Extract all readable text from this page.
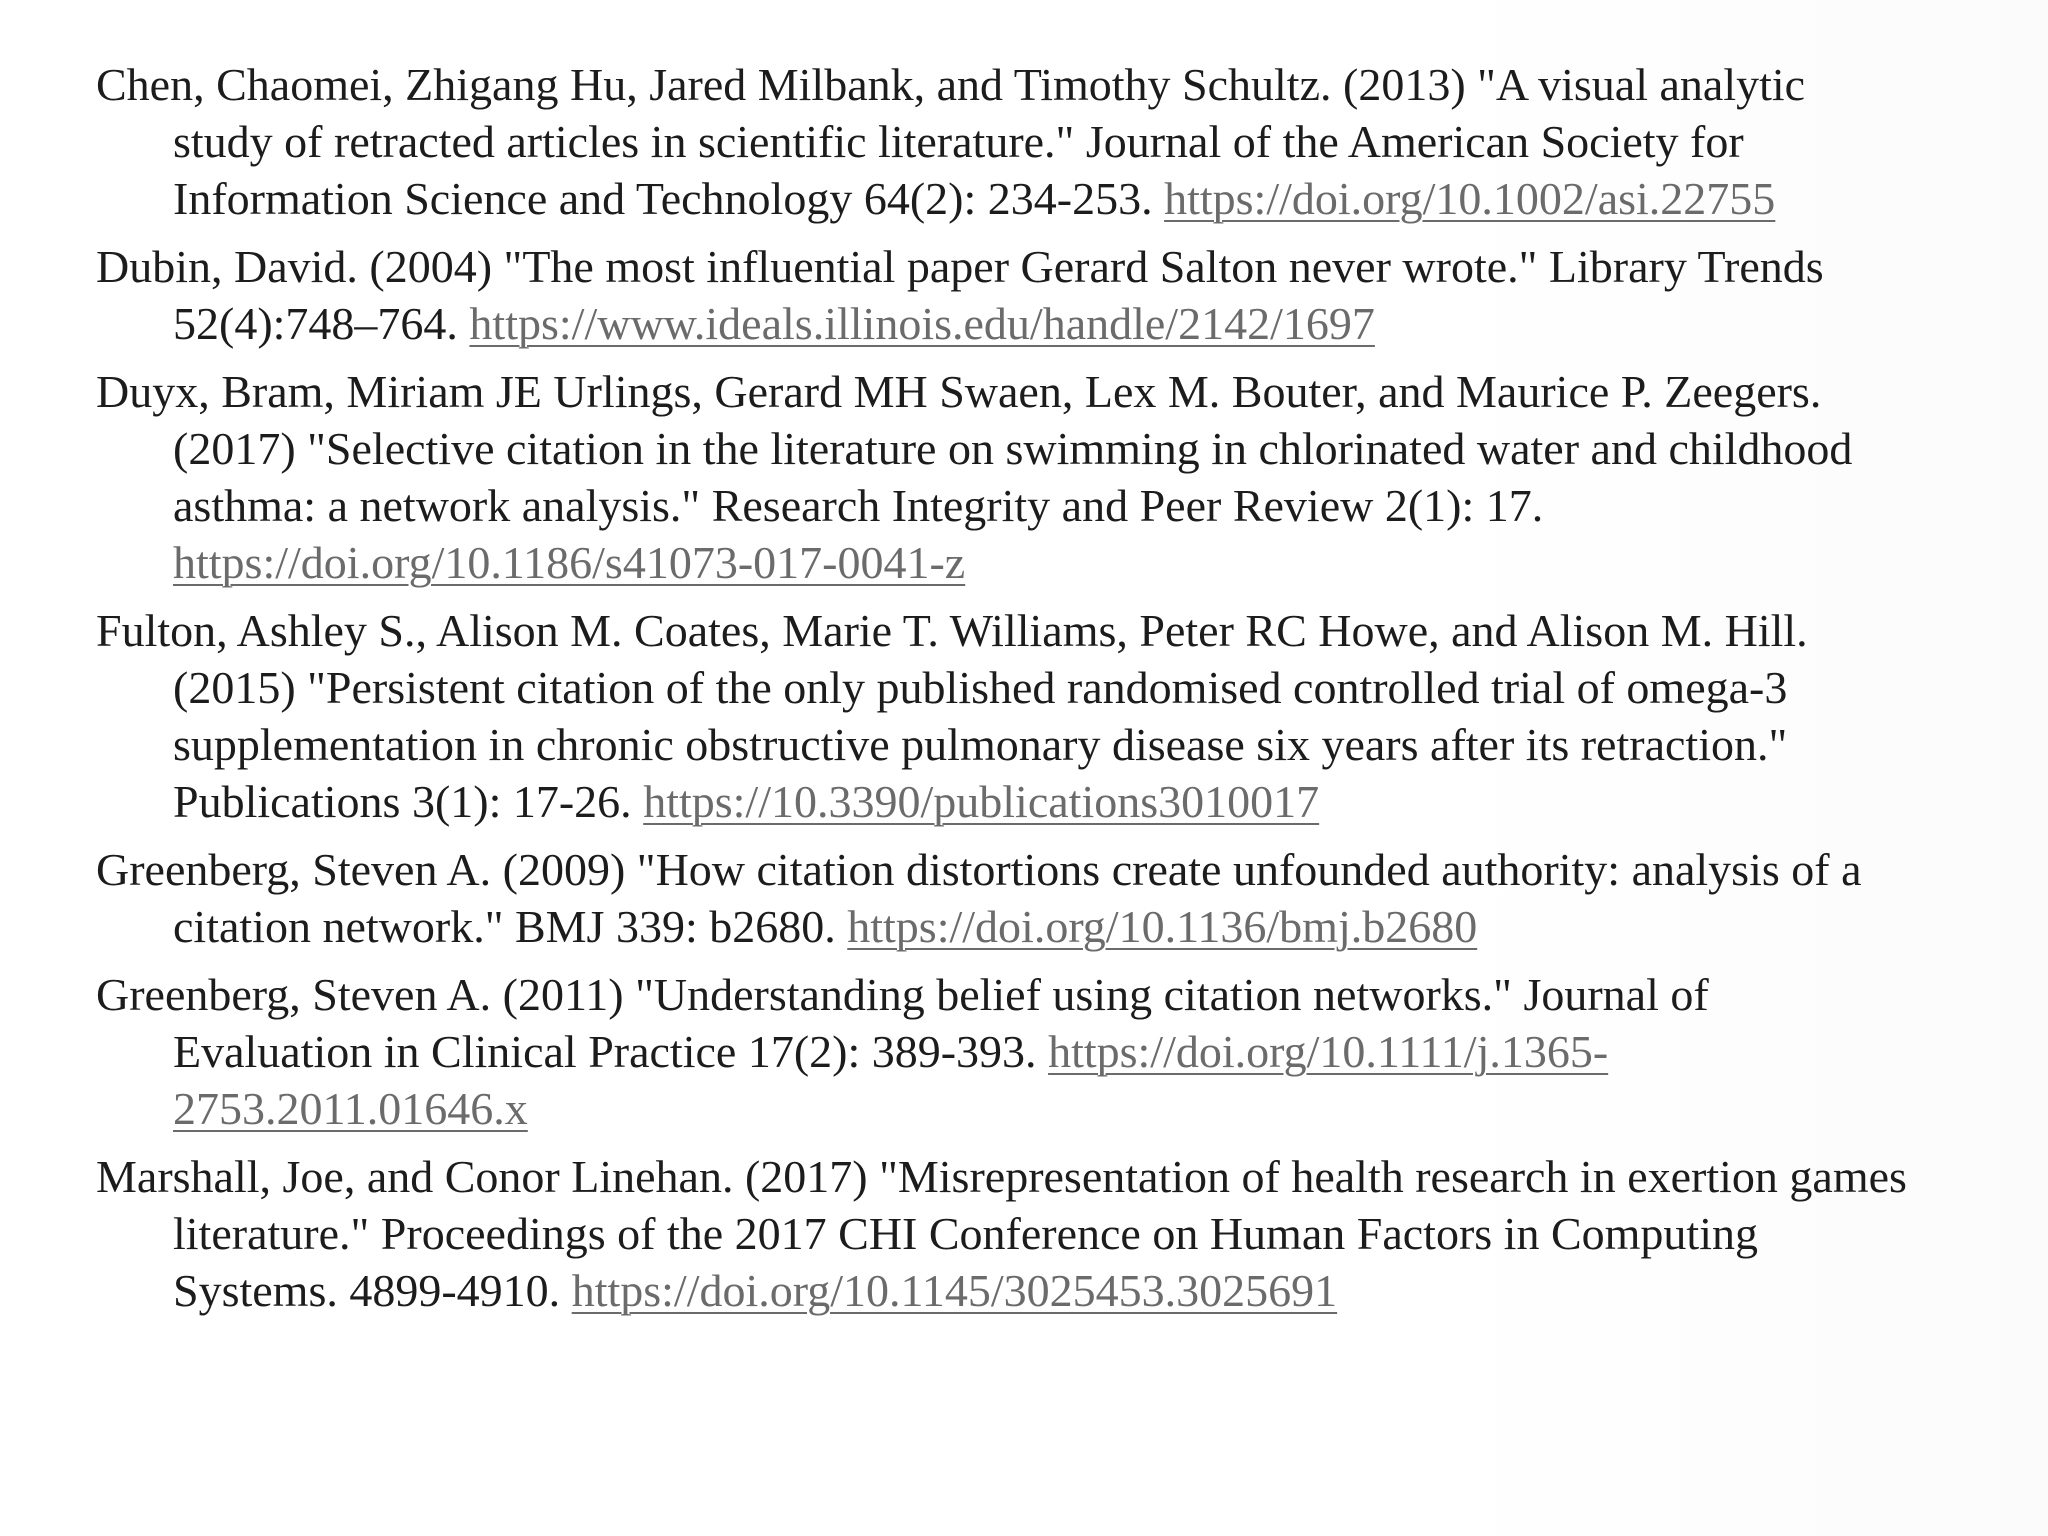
Chen, Chaomei, Zhigang Hu, Jared Milbank, and Timothy Schultz. (2013) "A visual analytic study of retracted articles in scientific literature." Journal of the American Society for Information Science and Technology 64(2): 234-253. https://doi.org/10.1002/asi.22755

Dubin, David. (2004) "The most influential paper Gerard Salton never wrote." Library Trends 52(4):748–764. https://www.ideals.illinois.edu/handle/2142/1697

Duyx, Bram, Miriam JE Urlings, Gerard MH Swaen, Lex M. Bouter, and Maurice P. Zeegers. (2017) "Selective citation in the literature on swimming in chlorinated water and childhood asthma: a network analysis." Research Integrity and Peer Review 2(1): 17. https://doi.org/10.1186/s41073-017-0041-z

Fulton, Ashley S., Alison M. Coates, Marie T. Williams, Peter RC Howe, and Alison M. Hill. (2015) "Persistent citation of the only published randomised controlled trial of omega-3 supplementation in chronic obstructive pulmonary disease six years after its retraction." Publications 3(1): 17-26. https://10.3390/publications3010017

Greenberg, Steven A. (2009) "How citation distortions create unfounded authority: analysis of a citation network." BMJ 339: b2680. https://doi.org/10.1136/bmj.b2680

Greenberg, Steven A. (2011) "Understanding belief using citation networks." Journal of Evaluation in Clinical Practice 17(2): 389-393. https://doi.org/10.1111/j.1365-2753.2011.01646.x

Marshall, Joe, and Conor Linehan. (2017) "Misrepresentation of health research in exertion games literature." Proceedings of the 2017 CHI Conference on Human Factors in Computing Systems. 4899-4910. https://doi.org/10.1145/3025453.3025691
